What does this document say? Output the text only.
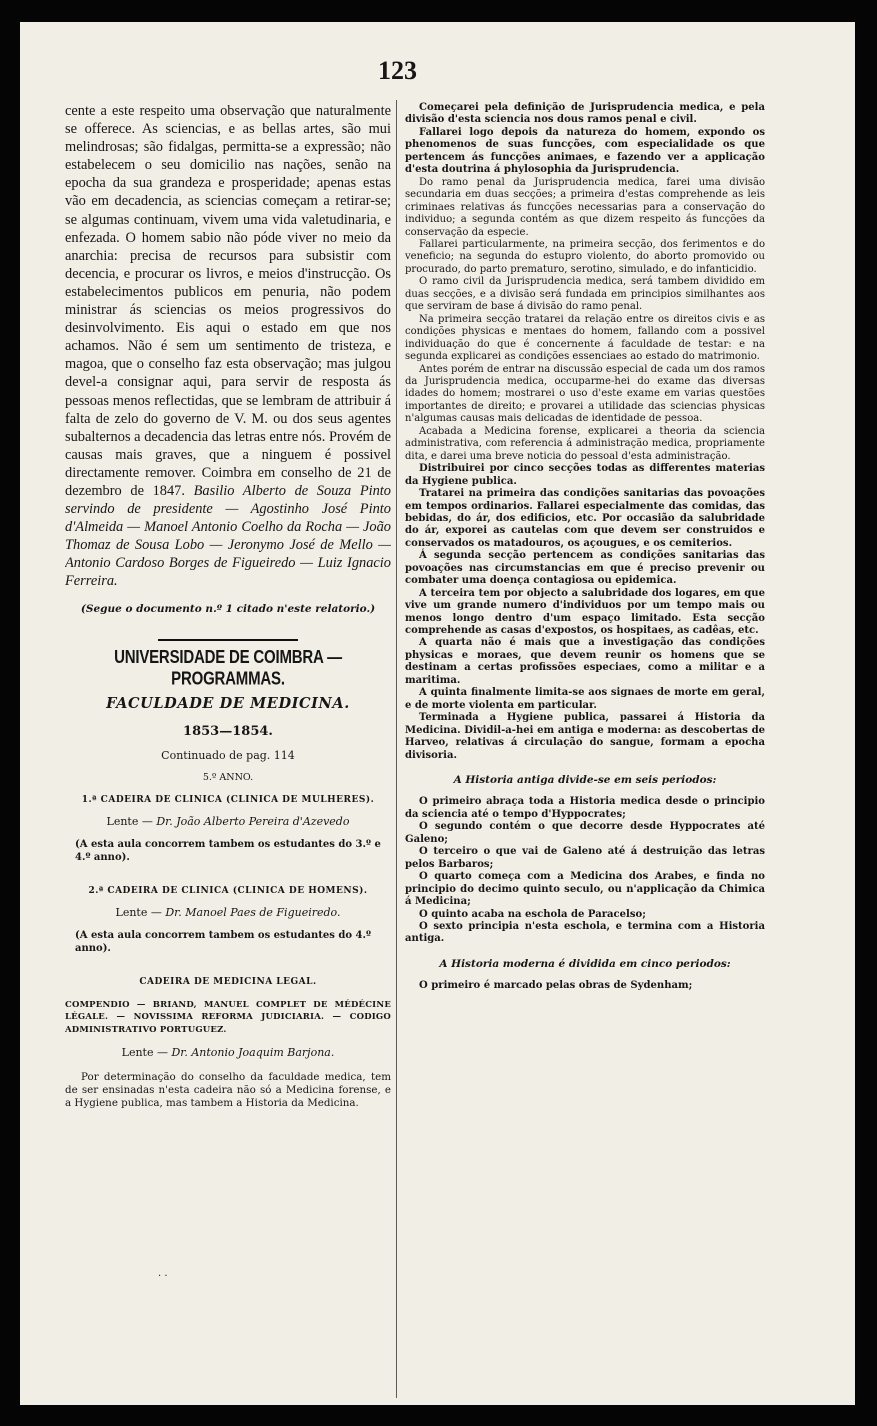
123

cente a este respeito uma observação que naturalmente se offerece. As sciencias, e as bellas artes, são mui melindrosas; são fidalgas, permitta-se a expressão; não estabelecem o seu domicilio nas nações, senão na epocha da sua grandeza e prosperidade; apenas estas vão em decadencia, as sciencias começam a retirar-se; se algumas continuam, vivem uma vida valetudinaria, e enfezada. O homem sabio não póde viver no meio da anarchia: precisa de recursos para subsistir com decencia, e procurar os livros, e meios d'instrucção. Os estabelecimentos publicos em penuria, não podem ministrar ás sciencias os meios progressivos do desinvolvimento. Eis aqui o estado em que nos achamos. Não é sem um sentimento de tristeza, e magoa, que o conselho faz esta observação; mas julgou devel-a consignar aqui, para servir de resposta ás pessoas menos reflectidas, que se lembram de attribuir á falta de zelo do governo de V. M. ou dos seus agentes subalternos a decadencia das letras entre nós. Provém de causas mais graves, que a ninguem é possivel directamente remover. Coimbra em conselho de 21 de dezembro de 1847. Basilio Alberto de Souza Pinto servindo de presidente — Agostinho José Pinto d'Almeida — Manoel Antonio Coelho da Rocha — João Thomaz de Sousa Lobo — Jeronymo José de Mello — Antonio Cardoso Borges de Figueiredo — Luiz Ignacio Ferreira.

(Segue o documento n.º 1 citado n'este relatorio.)
UNIVERSIDADE DE COIMBRA — PROGRAMMAS.
FACULDADE DE MEDICINA.
1853—1854.
Continuado de pag. 114
5.º ANNO.
1.ª CADEIRA DE CLINICA (CLINICA DE MULHERES).
Lente — Dr. João Alberto Pereira d'Azevedo
(A esta aula concorrem tambem os estudantes do 3.º e 4.º anno).
2.ª CADEIRA DE CLINICA (CLINICA DE HOMENS).
Lente — Dr. Manoel Paes de Figueiredo.
(A esta aula concorrem tambem os estudantes do 4.º anno).
CADEIRA DE MEDICINA LEGAL.
COMPENDIO — BRIAND, MANUEL COMPLET DE MÉDÉCINE LÉGALE. — NOVISSIMA REFORMA JUDICIARIA. — CODIGO ADMINISTRATIVO PORTUGUEZ.
Lente — Dr. Antonio Joaquim Barjona.
Por determinação do conselho da faculdade medica, tem de ser ensinadas n'esta cadeira não só a Medicina forense, e a Hygiene publica, mas tambem a Historia da Medicina.
. .

Começarei pela definição de Jurisprudencia medica, e pela divisão d'esta sciencia nos dous ramos penal e civil.

Fallarei logo depois da natureza do homem, expondo os phenomenos de suas funcções, com especialidade os que pertencem ás funcções animaes, e fazendo ver a applicação d'esta doutrina á phylosophia da Jurisprudencia.

Do ramo penal da Jurisprudencia medica, farei uma divisão secundaria em duas secções; a primeira d'estas comprehende as leis criminaes relativas ás funcções necessarias para a conservação do individuo; a segunda contém as que dizem respeito ás funcções da conservação da especie.

Fallarei particularmente, na primeira secção, dos ferimentos e do veneficio; na segunda do estupro violento, do aborto promovido ou procurado, do parto prematuro, serotino, simulado, e do infanticidio.

O ramo civil da Jurisprudencia medica, será tambem dividido em duas secções, e a divisão será fundada em principios similhantes aos que serviram de base á divisão do ramo penal.

Na primeira secção tratarei da relação entre os direitos civis e as condições physicas e mentaes do homem, fallando com a possivel individuação do que é concernente á faculdade de testar: e na segunda explicarei as condições essenciaes ao estado do matrimonio.

Antes porém de entrar na discussão especial de cada um dos ramos da Jurisprudencia medica, occuparme-hei do exame das diversas idades do homem; mostrarei o uso d'este exame em varias questões importantes de direito; e provarei a utilidade das sciencias physicas n'algumas causas mais delicadas de identidade de pessoa.

Acabada a Medicina forense, explicarei a theoria da sciencia administrativa, com referencia á administração medica, propriamente dita, e darei uma breve noticia do pessoal d'esta administração.

Distribuirei por cinco secções todas as differentes materias da Hygiene publica.

Tratarei na primeira das condições sanitarias das povoações em tempos ordinarios. Fallarei especialmente das comidas, das bebidas, do ár, dos edificios, etc. Por occasião da salubridade do ár, exporei as cautelas com que devem ser construidos e conservados os matadouros, os açougues, e os cemiterios.

Á segunda secção pertencem as condições sanitarias das povoações nas circumstancias em que é preciso prevenir ou combater uma doença contagiosa ou epidemica.

A terceira tem por objecto a salubridade dos logares, em que vive um grande numero d'individuos por um tempo mais ou menos longo dentro d'um espaço limitado. Esta secção comprehende as casas d'expostos, os hospitaes, as cadêas, etc.

A quarta não é mais que a investigação das condições physicas e moraes, que devem reunir os homens que se destinam a certas profissões especiaes, como a militar e a maritima.

A quinta finalmente limita-se aos signaes de morte em geral, e de morte violenta em particular.

Terminada a Hygiene publica, passarei á Historia da Medicina. Dividil-a-hei em antiga e moderna: as descobertas de Harveo, relativas á circulação do sangue, formam a epocha divisoria.

A Historia antiga divide-se em seis periodos:

O primeiro abraça toda a Historia medica desde o principio da sciencia até o tempo d'Hyppocrates;

O segundo contém o que decorre desde Hyppocrates até Galeno;

O terceiro o que vai de Galeno até á destruição das letras pelos Barbaros;

O quarto começa com a Medicina dos Arabes, e finda no principio do decimo quinto seculo, ou n'applicação da Chimica á Medicina;

O quinto acaba na eschola de Paracelso;

O sexto principia n'esta eschola, e termina com a Historia antiga.

A Historia moderna é dividida em cinco periodos:

O primeiro é marcado pelas obras de Sydenham;
